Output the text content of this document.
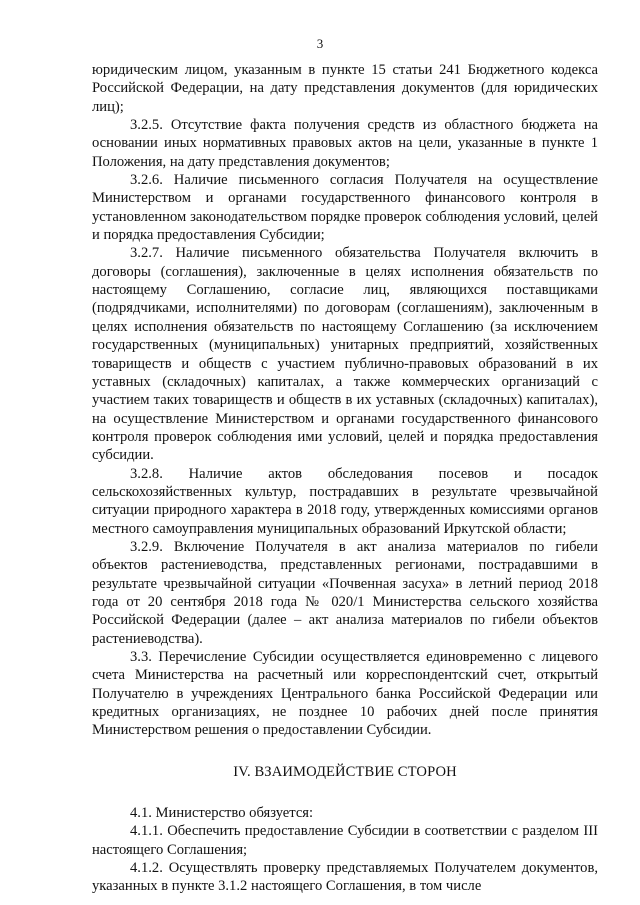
3

юридическим лицом, указанным в пункте 15 статьи 241 Бюджетного кодекса Российской Федерации, на дату представления документов (для юридических лиц);

3.2.5. Отсутствие факта получения средств из областного бюджета на основании иных нормативных правовых актов на цели, указанные в пункте 1 Положения, на дату представления документов;

3.2.6. Наличие письменного согласия Получателя на осуществление Министерством и органами государственного финансового контроля в установленном законодательством порядке проверок соблюдения условий, целей и порядка предоставления Субсидии;

3.2.7. Наличие письменного обязательства Получателя включить в договоры (соглашения), заключенные в целях исполнения обязательств по настоящему Соглашению, согласие лиц, являющихся поставщиками (подрядчиками, исполнителями) по договорам (соглашениям), заключенным в целях исполнения обязательств по настоящему Соглашению (за исключением государственных (муниципальных) унитарных предприятий, хозяйственных товариществ и обществ с участием публично-правовых образований в их уставных (складочных) капиталах, а также коммерческих организаций с участием таких товариществ и обществ в их уставных (складочных) капиталах), на осуществление Министерством и органами государственного финансового контроля проверок соблюдения ими условий, целей и порядка предоставления субсидии.

3.2.8. Наличие актов обследования посевов и посадок сельскохозяйственных культур, пострадавших в результате чрезвычайной ситуации природного характера в 2018 году, утвержденных комиссиями органов местного самоуправления муниципальных образований Иркутской области;

3.2.9. Включение Получателя в акт анализа материалов по гибели объектов растениеводства, представленных регионами, пострадавшими в результате чрезвычайной ситуации «Почвенная засуха» в летний период 2018 года от 20 сентября 2018 года № 020/1 Министерства сельского хозяйства Российской Федерации (далее – акт анализа материалов по гибели объектов растениеводства).

3.3. Перечисление Субсидии осуществляется единовременно с лицевого счета Министерства на расчетный или корреспондентский счет, открытый Получателю в учреждениях Центрального банка Российской Федерации или кредитных организациях, не позднее 10 рабочих дней после принятия Министерством решения о предоставлении Субсидии.

IV. ВЗАИМОДЕЙСТВИЕ СТОРОН

4.1. Министерство обязуется:

4.1.1. Обеспечить предоставление Субсидии в соответствии с разделом III настоящего Соглашения;

4.1.2. Осуществлять проверку представляемых Получателем документов, указанных в пункте 3.1.2 настоящего Соглашения, в том числе
